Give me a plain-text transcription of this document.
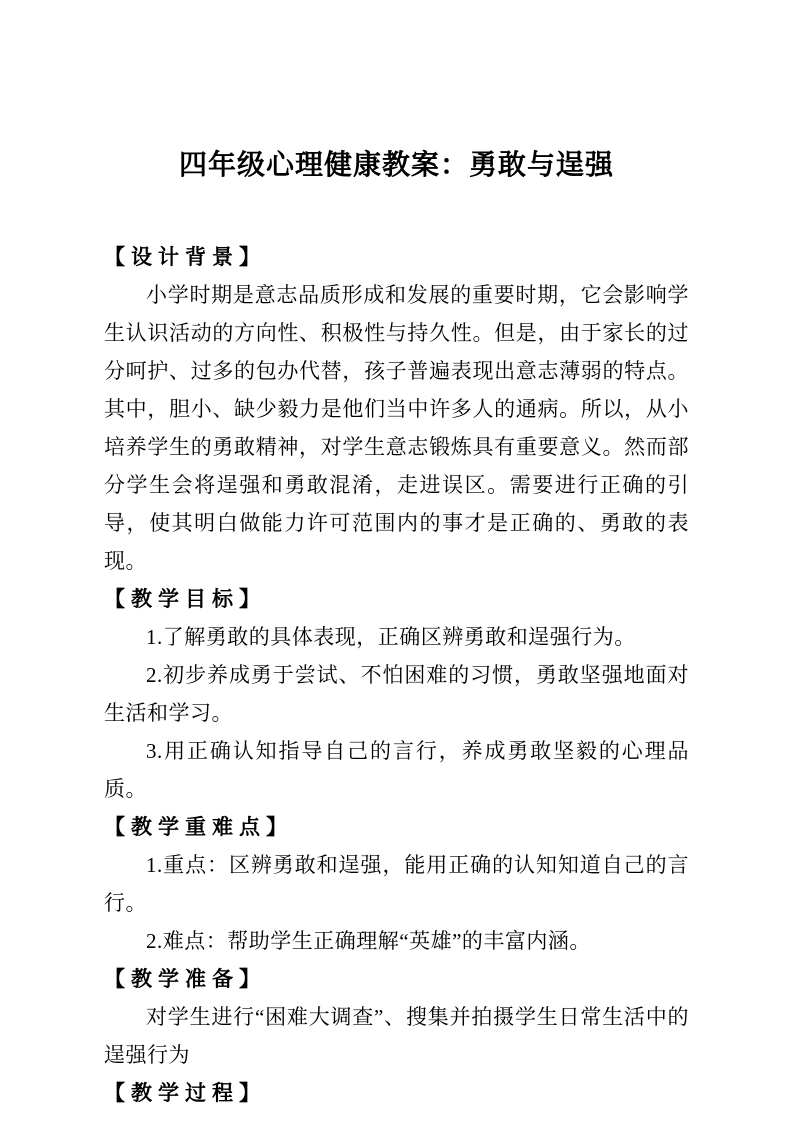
四年级心理健康教案：勇敢与逞强
【设计背景】

小学时期是意志品质形成和发展的重要时期，它会影响学生认识活动的方向性、积极性与持久性。但是，由于家长的过分呵护、过多的包办代替，孩子普遍表现出意志薄弱的特点。其中，胆小、缺少毅力是他们当中许多人的通病。所以，从小培养学生的勇敢精神，对学生意志锻炼具有重要意义。然而部分学生会将逞强和勇敢混淆，走进误区。需要进行正确的引导，使其明白做能力许可范围内的事才是正确的、勇敢的表现。

【教学目标】

1.了解勇敢的具体表现，正确区辨勇敢和逞强行为。

2.初步养成勇于尝试、不怕困难的习惯，勇敢坚强地面对生活和学习。

3.用正确认知指导自己的言行，养成勇敢坚毅的心理品质。

【教学重难点】

1.重点：区辨勇敢和逞强，能用正确的认知知道自己的言行。

2.难点：帮助学生正确理解“英雄”的丰富内涵。

【教学准备】

对学生进行“困难大调查”、搜集并拍摄学生日常生活中的逞强行为

【教学过程】
